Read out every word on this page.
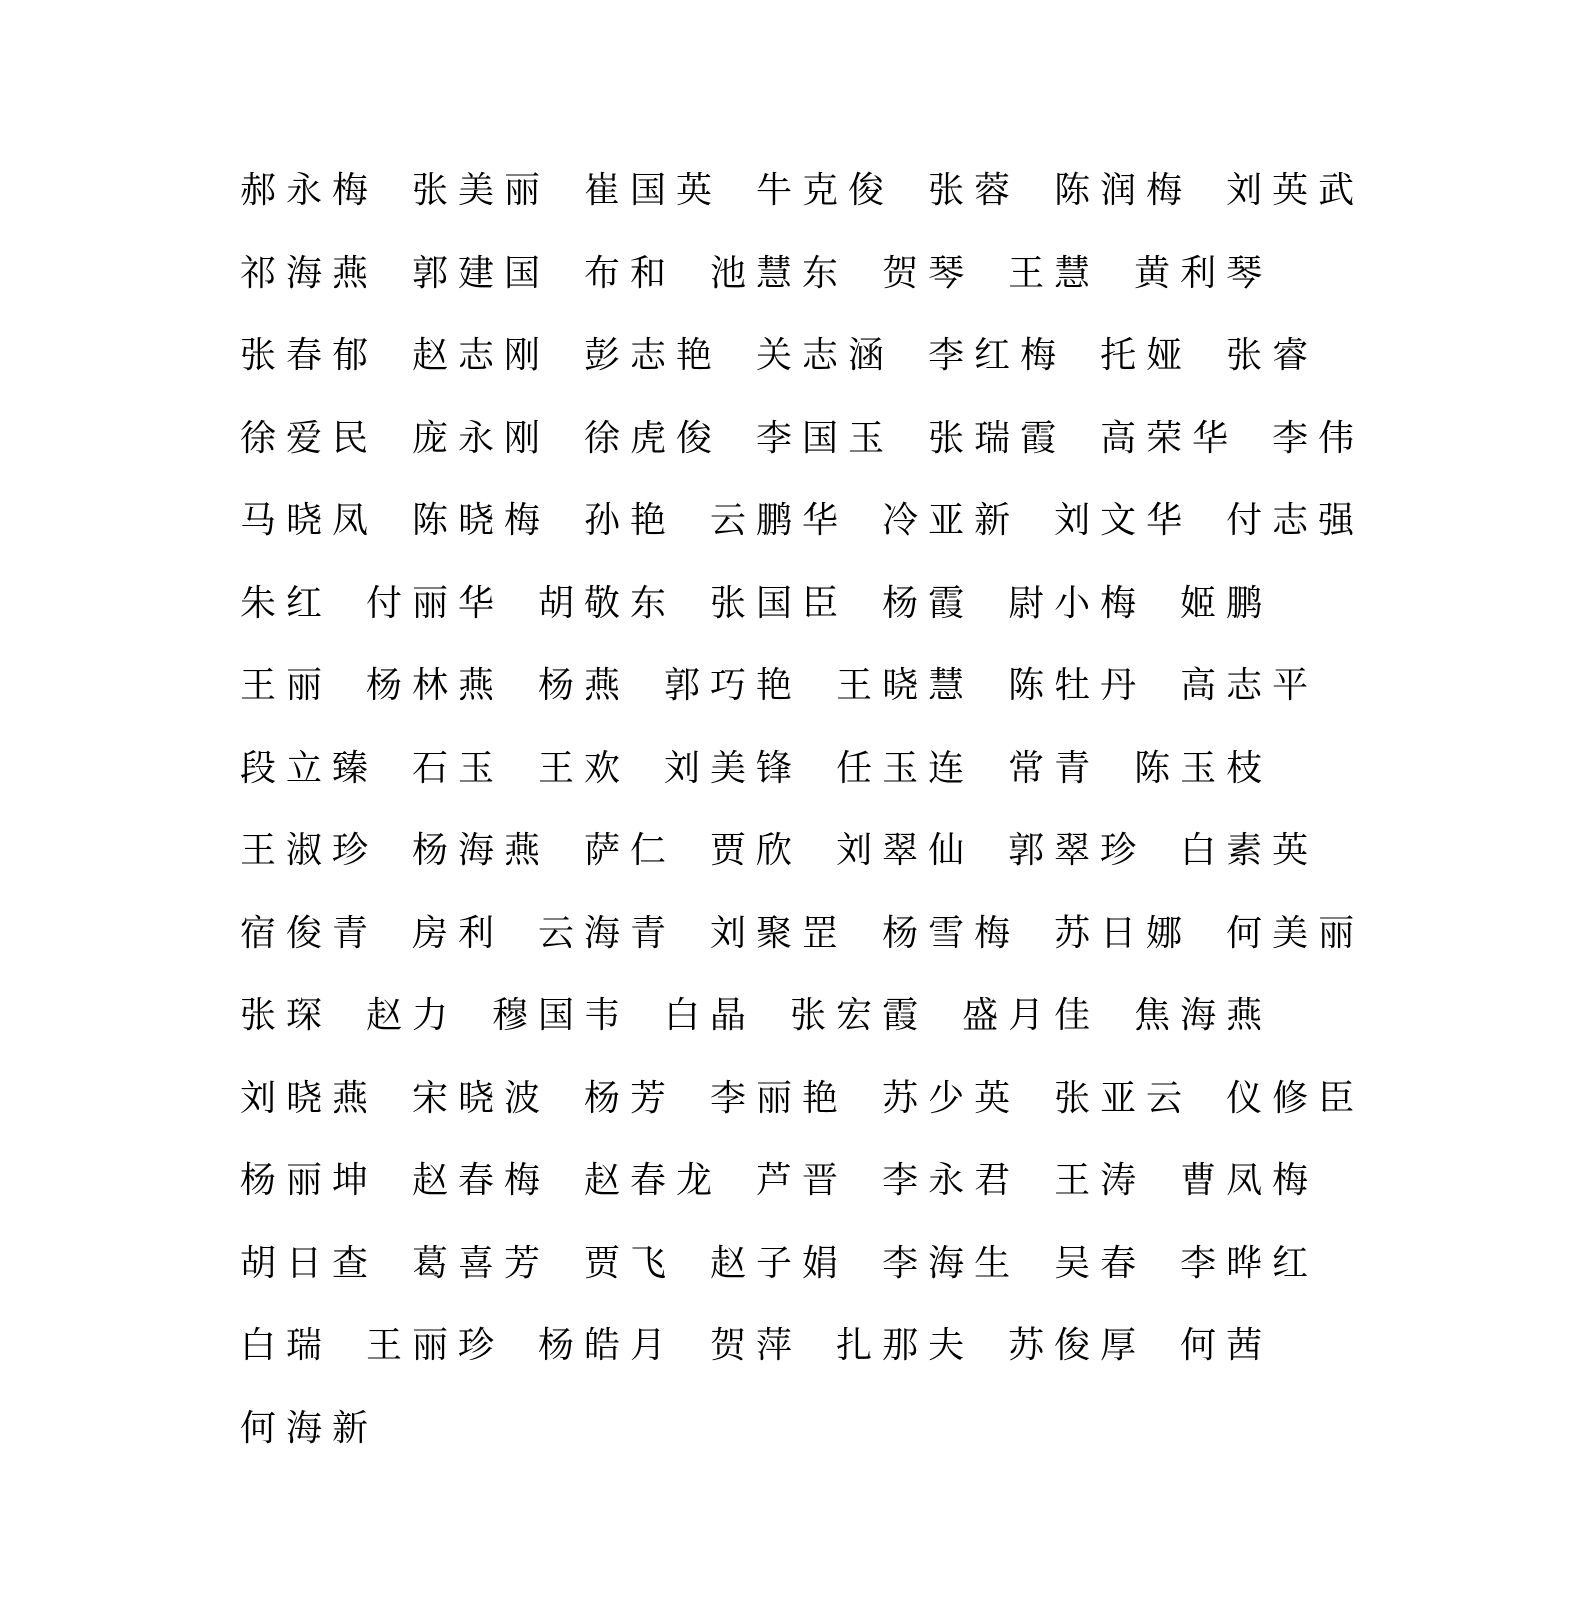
郝永梅 张美丽 崔国英 牛克俊 张蓉 陈润梅 刘英武
祁海燕 郭建国 布和 池慧东 贺琴 王慧 黄利琴
张春郁 赵志刚 彭志艳 关志涵 李红梅 托娅 张睿
徐爱民 庞永刚 徐虎俊 李国玉 张瑞霞 高荣华 李伟
马晓凤 陈晓梅 孙艳 云鹏华 冷亚新 刘文华 付志强
朱红 付丽华 胡敬东 张国臣 杨霞 尉小梅 姬鹏
王丽 杨林燕 杨燕 郭巧艳 王晓慧 陈牡丹 高志平
段立臻 石玉 王欢 刘美锋 任玉连 常青 陈玉枝
王淑珍 杨海燕 萨仁 贾欣 刘翠仙 郭翠珍 白素英
宿俊青 房利 云海青 刘聚罡 杨雪梅 苏日娜 何美丽
张琛 赵力 穆国韦 白晶 张宏霞 盛月佳 焦海燕
刘晓燕 宋晓波 杨芳 李丽艳 苏少英 张亚云 仪修臣
杨丽坤 赵春梅 赵春龙 芦晋 李永君 王涛 曹凤梅
胡日查 葛喜芳 贾飞 赵子娟 李海生 吴春 李晔红
白瑞 王丽珍 杨皓月 贺萍 扎那夫 苏俊厚 何茜
何海新
